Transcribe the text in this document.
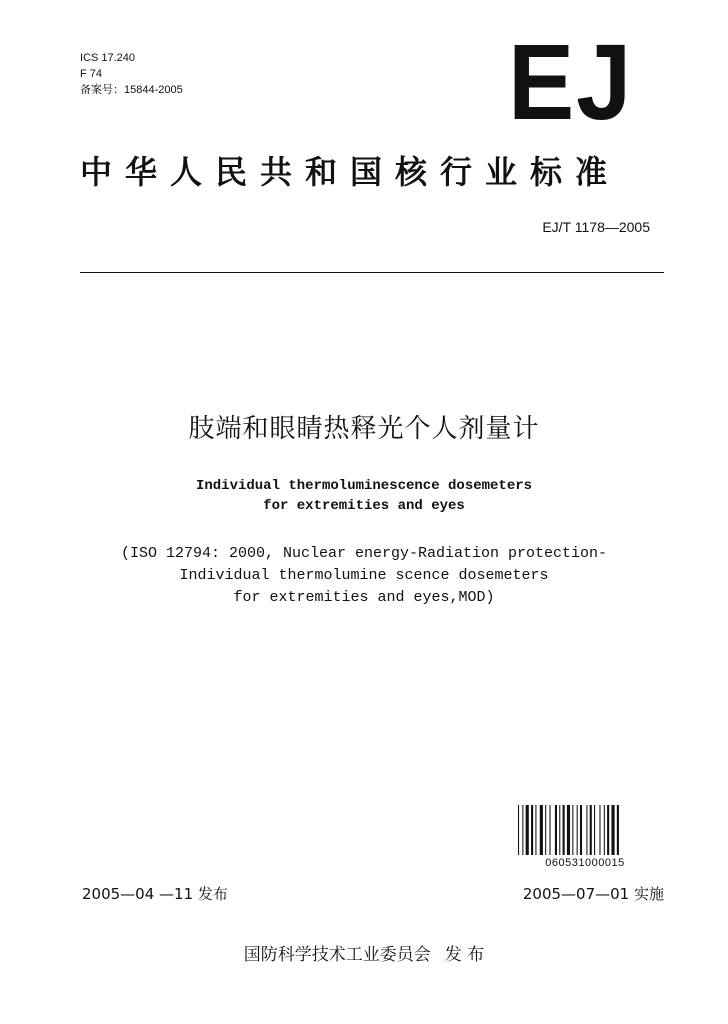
ICS 17.240
F 74
备案号：15844-2005	EJ
中华人民共和国核行业标准
EJ/T 1178—2005
肢端和眼睛热释光个人剂量计
Individual thermoluminescence dosemeters
for extremities and eyes
(ISO 12794: 2000, Nuclear energy-Radiation protection-
Individual thermolumine scence dosemeters
for extremities and eyes,MOD)
060531000015
2005—04 —11 发布	2005—07—01 实施
国防科学技术工业委员会 发 布
